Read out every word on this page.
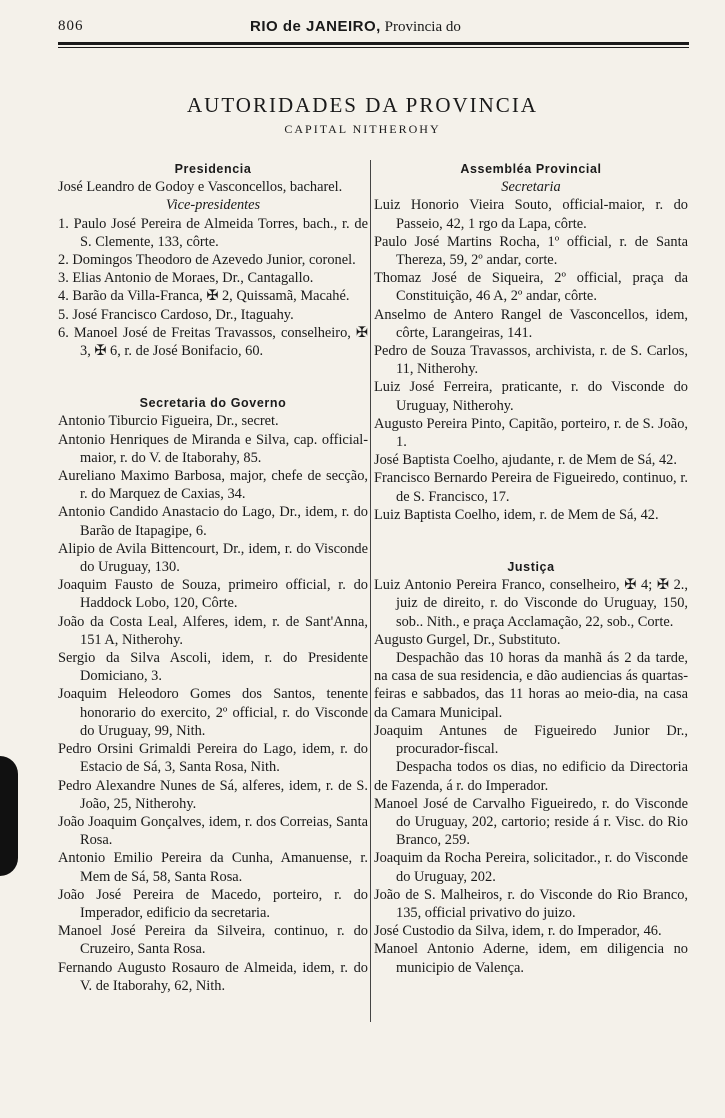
806	RIO de JANEIRO, Provincia do
AUTORIDADES DA PROVINCIA
CAPITAL NITHEROHY
Presidencia
José Leandro de Godoy e Vasconcellos, bacharel.
Vice-presidentes
1. Paulo José Pereira de Almeida Torres, bach., r. de S. Clemente, 133, côrte.
2. Domingos Theodoro de Azevedo Junior, coronel.
3. Elias Antonio de Moraes, Dr., Cantagallo.
4. Barão da Villa-Franca, ✠ 2, Quissamã, Macahé.
5. José Francisco Cardoso, Dr., Itaguahy.
6. Manoel José de Freitas Travassos, conselheiro, ✠ 3, ✠ 6, r. de José Bonifacio, 60.
Secretaria do Governo
Antonio Tiburcio Figueira, Dr., secret.
Antonio Henriques de Miranda e Silva, cap. official-maior, r. do V. de Itaborahy, 85.
Aureliano Maximo Barbosa, major, chefe de secção, r. do Marquez de Caxias, 34.
Antonio Candido Anastacio do Lago, Dr., idem, r. do Barão de Itapagipe, 6.
Alipio de Avila Bittencourt, Dr., idem, r. do Visconde do Uruguay, 130.
Joaquim Fausto de Souza, primeiro official, r. do Haddock Lobo, 120, Côrte.
João da Costa Leal, Alferes, idem, r. de Sant'Anna, 151 A, Nitherohy.
Sergio da Silva Ascoli, idem, r. do Presidente Domiciano, 3.
Joaquim Heleodoro Gomes dos Santos, tenente honorario do exercito, 2º official, r. do Visconde do Uruguay, 99, Nith.
Pedro Orsini Grimaldi Pereira do Lago, idem, r. do Estacio de Sá, 3, Santa Rosa, Nith.
Pedro Alexandre Nunes de Sá, alferes, idem, r. de S. João, 25, Nitherohy.
João Joaquim Gonçalves, idem, r. dos Correias, Santa Rosa.
Antonio Emilio Pereira da Cunha, Amanuense, r. Mem de Sá, 58, Santa Rosa.
João José Pereira de Macedo, porteiro, r. do Imperador, edificio da secretaria.
Manoel José Pereira da Silveira, continuo, r. do Cruzeiro, Santa Rosa.
Fernando Augusto Rosauro de Almeida, idem, r. do V. de Itaborahy, 62, Nith.
Assembléa Provincial
Secretaria
Luiz Honorio Vieira Souto, official-maior, r. do Passeio, 42, 1 rgo da Lapa, côrte.
Paulo José Martins Rocha, 1º official, r. de Santa Thereza, 59, 2º andar, corte.
Thomaz José de Siqueira, 2º official, praça da Constituição, 46 A, 2º andar, côrte.
Anselmo de Antero Rangel de Vasconcellos, idem, côrte, Larangeiras, 141.
Pedro de Souza Travassos, archivista, r. de S. Carlos, 11, Nitherohy.
Luiz José Ferreira, praticante, r. do Visconde do Uruguay, Nitherohy.
Augusto Pereira Pinto, Capitão, porteiro, r. de S. João, 1.
José Baptista Coelho, ajudante, r. de Mem de Sá, 42.
Francisco Bernardo Pereira de Figueiredo, continuo, r. de S. Francisco, 17.
Luiz Baptista Coelho, idem, r. de Mem de Sá, 42.
Justiça
Luiz Antonio Pereira Franco, conselheiro, ✠ 4; ✠ 2., juiz de direito, r. do Visconde do Uruguay, 150, sob.. Nith., e praça Acclamação, 22, sob., Corte.
Augusto Gurgel, Dr., Substituto.
Despachão das 10 horas da manhã ás 2 da tarde, na casa de sua residencia, e dão audiencias ás quartas-feiras e sabbados, das 11 horas ao meio-dia, na casa da Camara Municipal.
Joaquim Antunes de Figueiredo Junior Dr., procurador-fiscal.
Despacha todos os dias, no edificio da Directoria de Fazenda, á r. do Imperador.
Manoel José de Carvalho Figueiredo, r. do Visconde do Uruguay, 202, cartorio; reside á r. Visc. do Rio Branco, 259.
Joaquim da Rocha Pereira, solicitador., r. do Visconde do Uruguay, 202.
João de S. Malheiros, r. do Visconde do Rio Branco, 135, official privativo do juizo.
José Custodio da Silva, idem, r. do Imperador, 46.
Manoel Antonio Aderne, idem, em diligencia no municipio de Valença.
